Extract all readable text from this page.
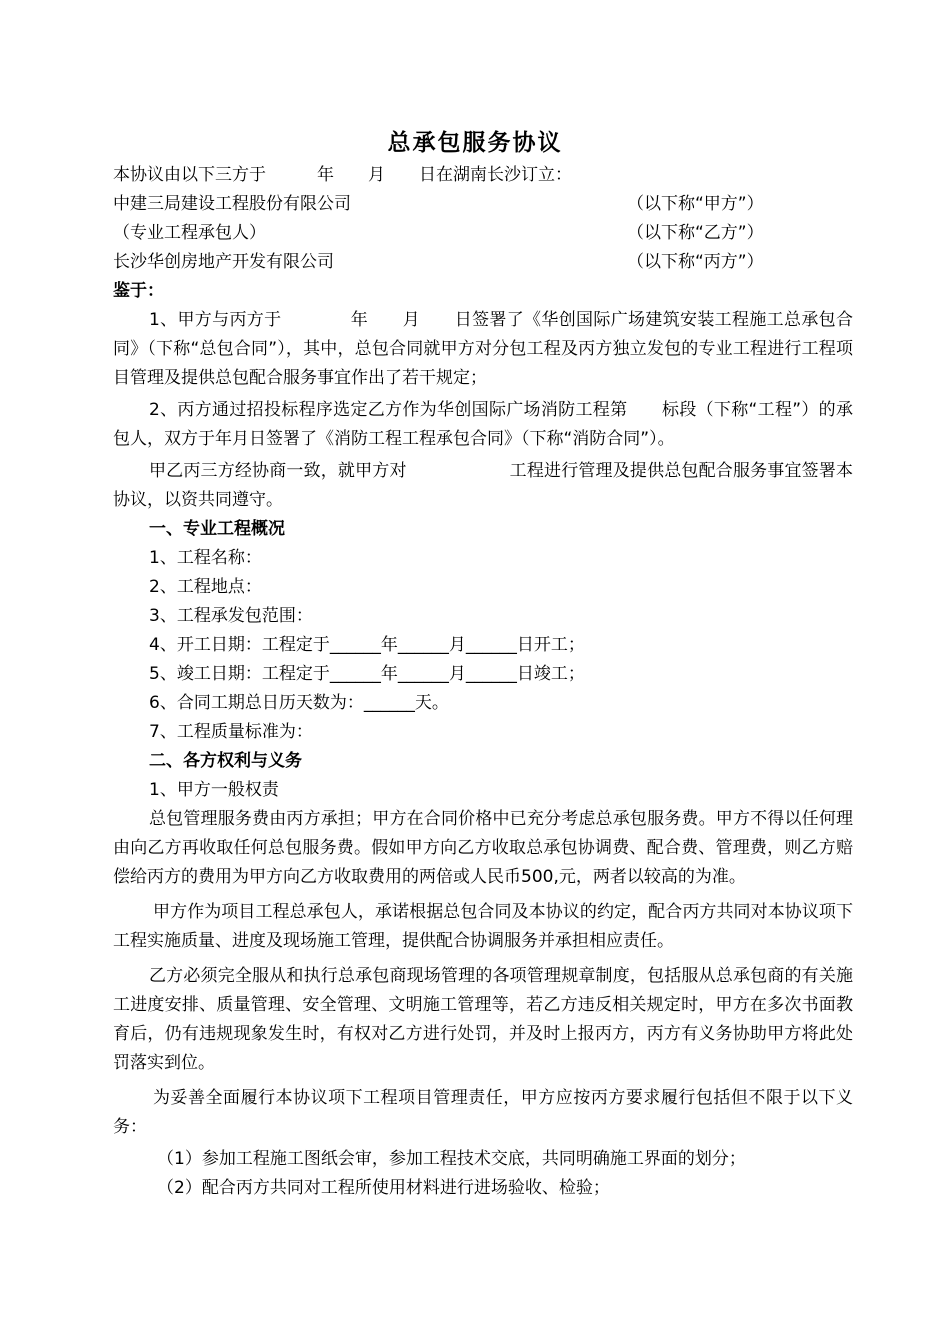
总承包服务协议
本协议由以下三方于　　　年　　月　　日在湖南长沙订立：
中建三局建设工程股份有限公司	（以下称“甲方”）
（专业工程承包人）	（以下称“乙方”）
长沙华创房地产开发有限公司	（以下称“丙方”）
鉴于：

1、甲方与丙方于　　　　年　　月　　日签署了《华创国际广场建筑安装工程施工总承包合同》（下称“总包合同”），其中，总包合同就甲方对分包工程及丙方独立发包的专业工程进行工程项目管理及提供总包配合服务事宜作出了若干规定；

2、丙方通过招投标程序选定乙方作为华创国际广场消防工程第　　标段（下称“工程”）的承包人，双方于年月日签署了《消防工程工程承包合同》（下称“消防合同”）。

甲乙丙三方经协商一致，就甲方对　　　　　　工程进行管理及提供总包配合服务事宜签署本协议，以资共同遵守。

一、专业工程概况
1、工程名称：
2、工程地点：
3、工程承发包范围：
4、开工日期：工程定于______年______月______日开工；
5、竣工日期：工程定于______年______月______日竣工；
6、合同工期总日历天数为：______天。
7、工程质量标准为：
二、各方权利与义务
1、甲方一般权责

总包管理服务费由丙方承担；甲方在合同价格中已充分考虑总承包服务费。甲方不得以任何理由向乙方再收取任何总包服务费。假如甲方向乙方收取总承包协调费、配合费、管理费，则乙方赔偿给丙方的费用为甲方向乙方收取费用的两倍或人民币500,元，两者以较高的为准。

甲方作为项目工程总承包人，承诺根据总包合同及本协议的约定，配合丙方共同对本协议项下工程实施质量、进度及现场施工管理，提供配合协调服务并承担相应责任。

乙方必须完全服从和执行总承包商现场管理的各项管理规章制度，包括服从总承包商的有关施工进度安排、质量管理、安全管理、文明施工管理等，若乙方违反相关规定时，甲方在多次书面教育后，仍有违规现象发生时，有权对乙方进行处罚，并及时上报丙方，丙方有义务协助甲方将此处罚落实到位。

为妥善全面履行本协议项下工程项目管理责任，甲方应按丙方要求履行包括但不限于以下义务：

（1）参加工程施工图纸会审，参加工程技术交底，共同明确施工界面的划分；
（2）配合丙方共同对工程所使用材料进行进场验收、检验；
